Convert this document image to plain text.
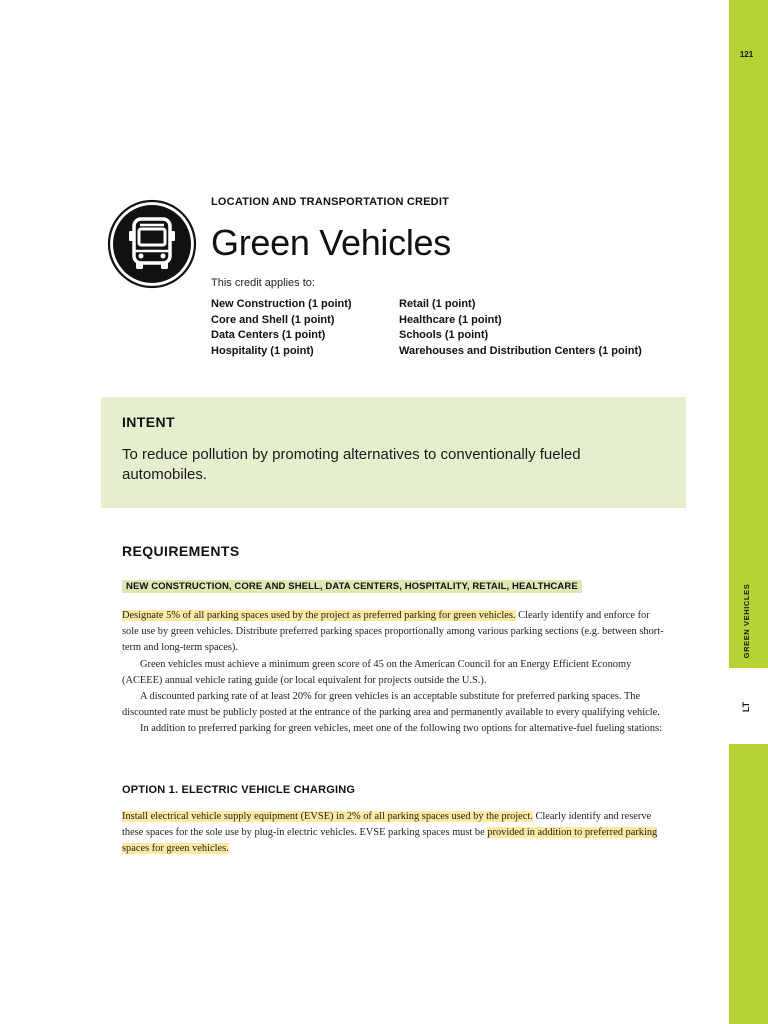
121
GREEN VEHICLES
LT
LOCATION AND TRANSPORTATION CREDIT
Green Vehicles
This credit applies to:
New Construction (1 point)
Core and Shell (1 point)
Data Centers (1 point)
Hospitality (1 point)
Retail (1 point)
Healthcare (1 point)
Schools (1 point)
Warehouses and Distribution Centers (1 point)
INTENT
To reduce pollution by promoting alternatives to conventionally fueled automobiles.
REQUIREMENTS
NEW CONSTRUCTION, CORE AND SHELL, DATA CENTERS, HOSPITALITY, RETAIL, HEALTHCARE

Designate 5% of all parking spaces used by the project as preferred parking for green vehicles. Clearly identify and enforce for sole use by green vehicles. Distribute preferred parking spaces proportionally among various parking sections (e.g. between short-term and long-term spaces).

Green vehicles must achieve a minimum green score of 45 on the American Council for an Energy Efficient Economy (ACEEE) annual vehicle rating guide (or local equivalent for projects outside the U.S.).

A discounted parking rate of at least 20% for green vehicles is an acceptable substitute for preferred parking spaces. The discounted rate must be publicly posted at the entrance of the parking area and permanently available to every qualifying vehicle.

In addition to preferred parking for green vehicles, meet one of the following two options for alternative-fuel fueling stations:

OPTION 1. ELECTRIC VEHICLE CHARGING

Install electrical vehicle supply equipment (EVSE) in 2% of all parking spaces used by the project. Clearly identify and reserve these spaces for the sole use by plug-in electric vehicles. EVSE parking spaces must be provided in addition to preferred parking spaces for green vehicles.
